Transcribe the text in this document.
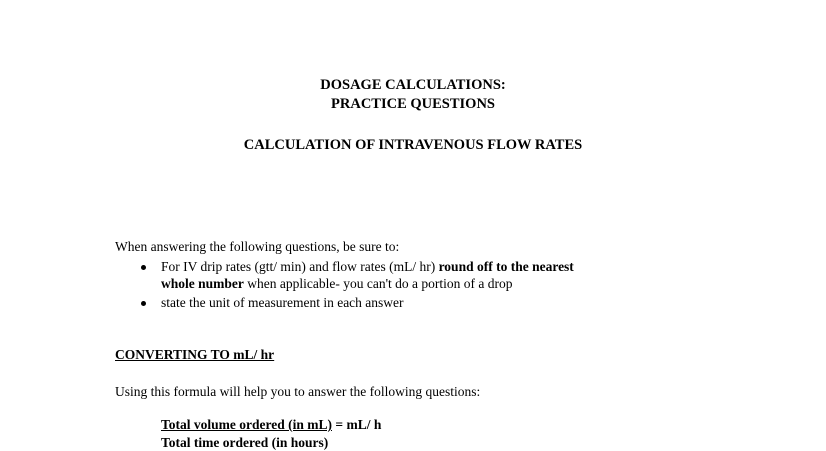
DOSAGE CALCULATIONS:
PRACTICE QUESTIONS
CALCULATION OF INTRAVENOUS FLOW RATES
When answering the following questions, be sure to:
For IV drip rates (gtt/ min) and flow rates (mL/ hr) round off to the nearest
whole number when applicable- you can't do a portion of a drop
state the unit of measurement in each answer
CONVERTING TO mL/ hr
Using this formula will help you to answer the following questions:
Total volume ordered (in mL) = mL/ h
Total time ordered (in hours)
